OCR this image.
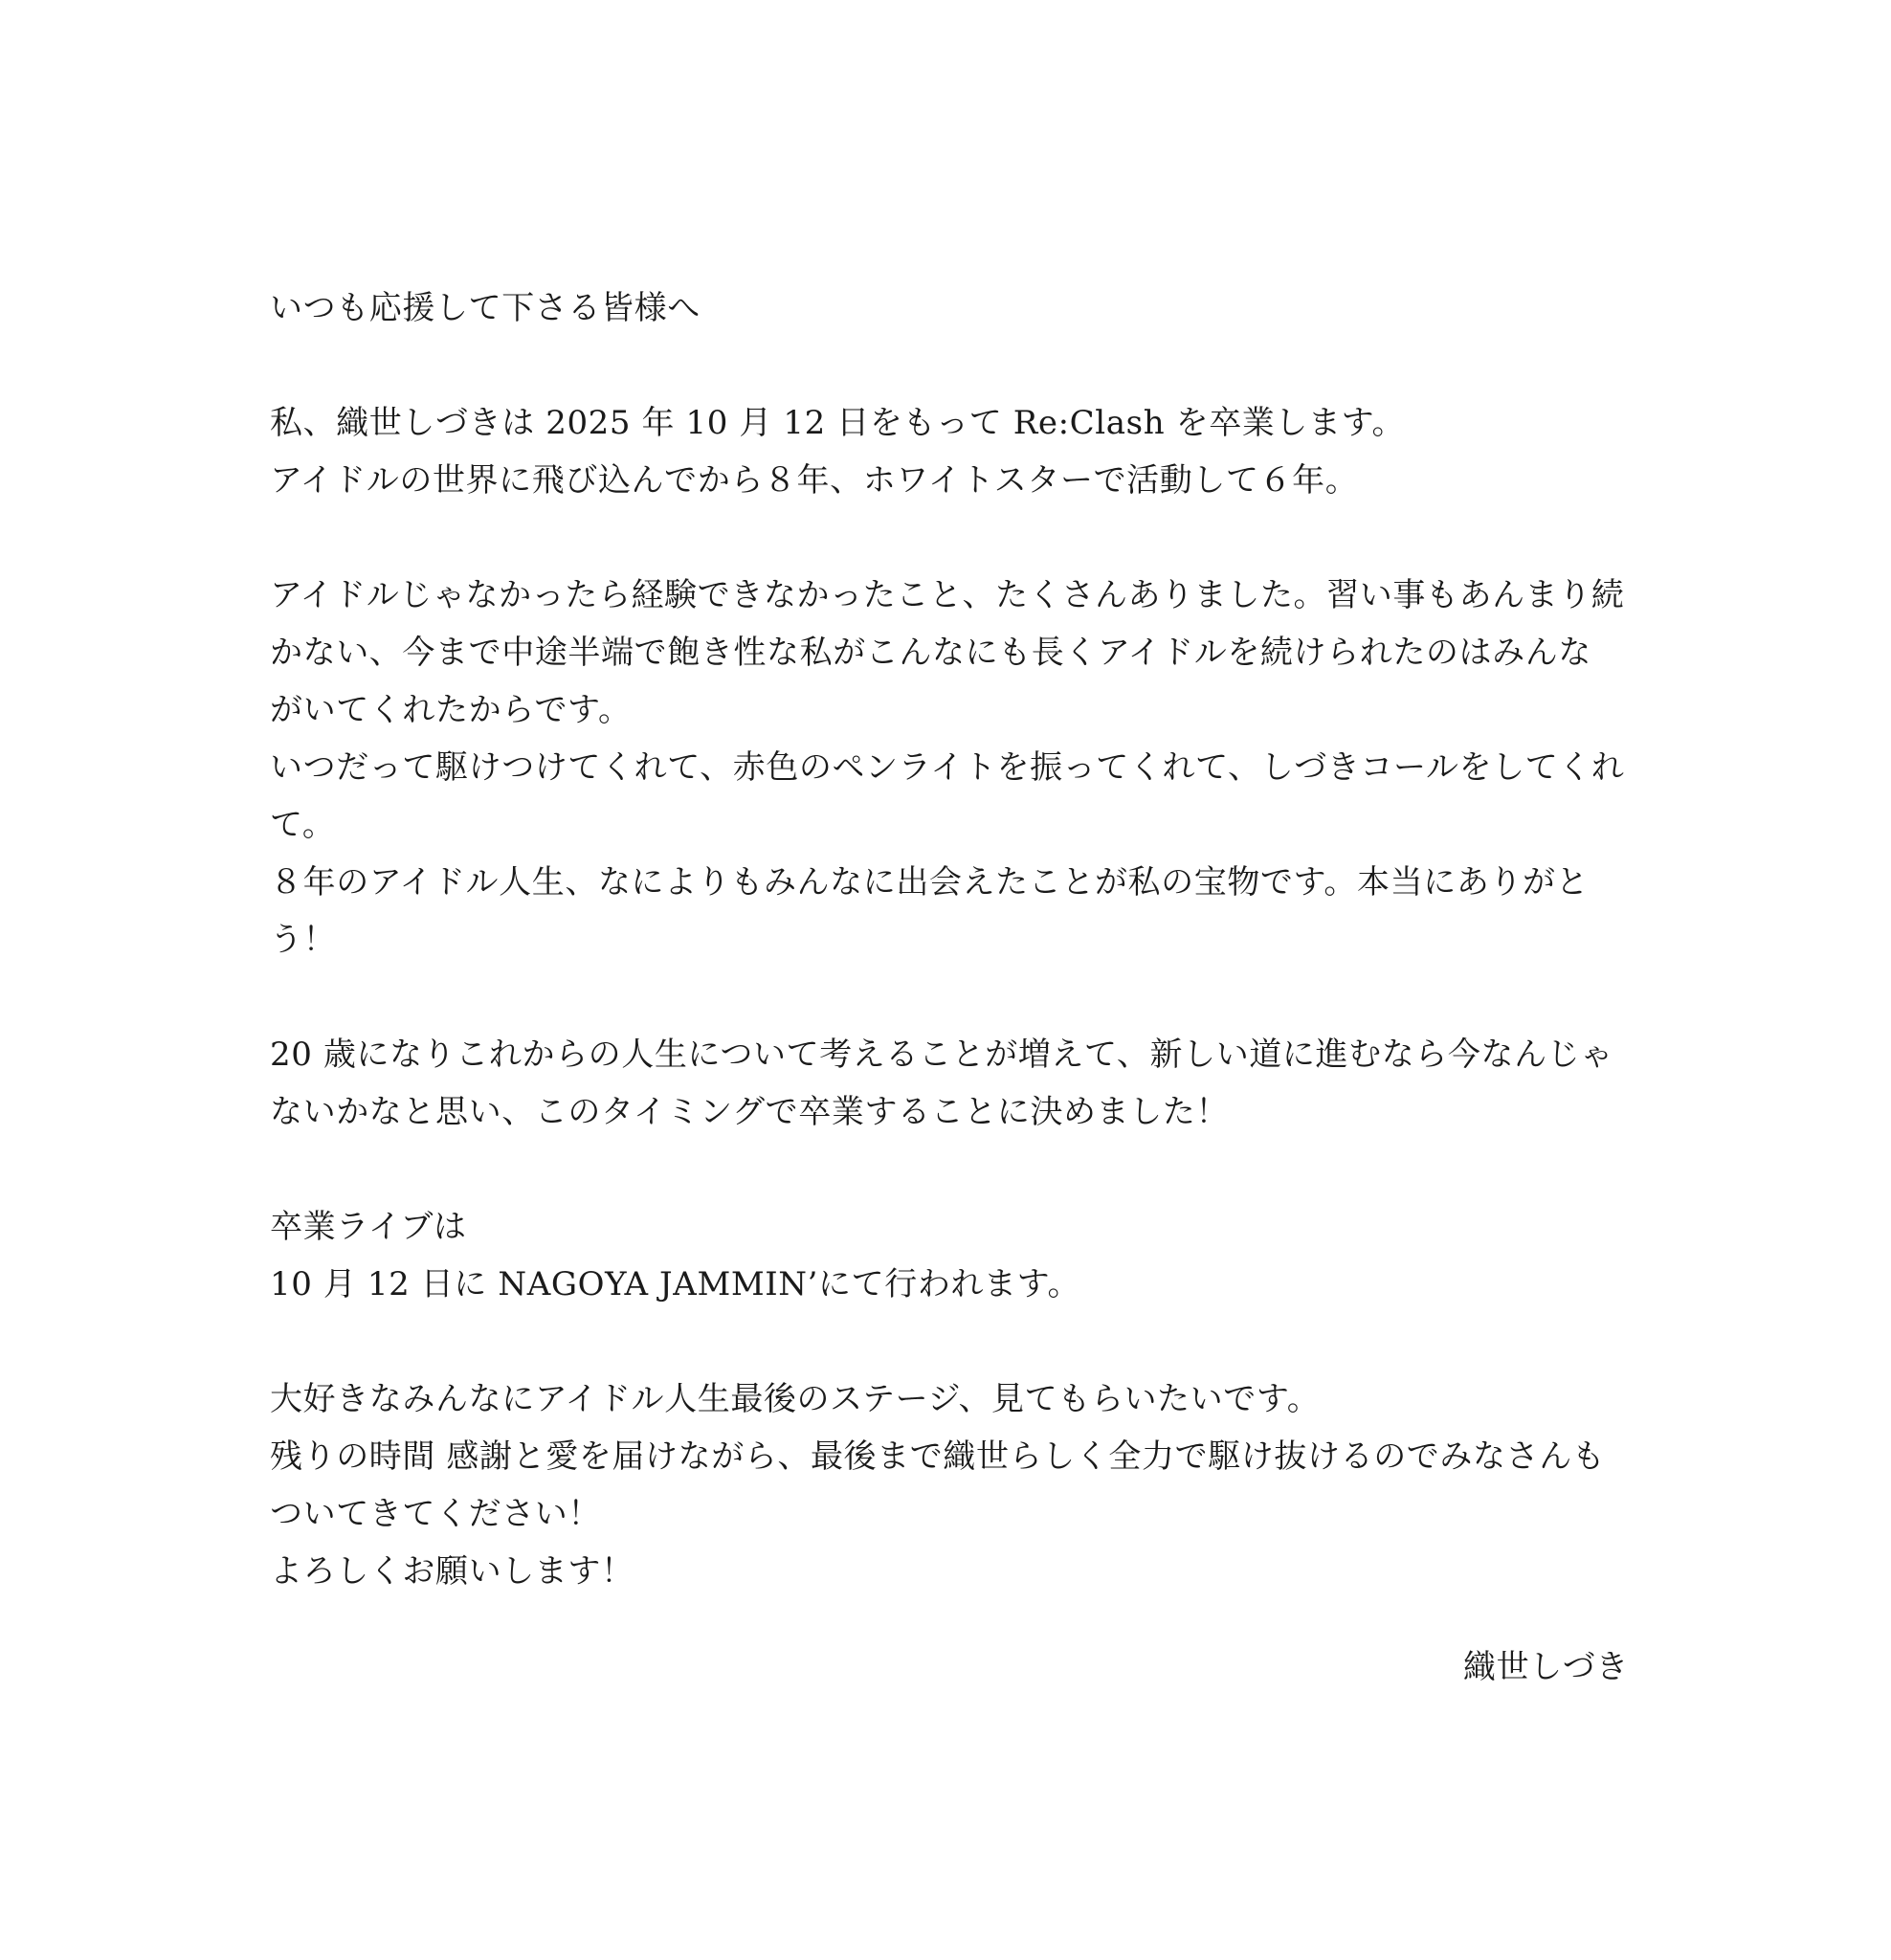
いつも応援して下さる皆様へ
私、織世しづきは 2025 年 10 月 12 日をもって Re:Clash を卒業します。
アイドルの世界に飛び込んでから８年、ホワイトスターで活動して６年。
アイドルじゃなかったら経験できなかったこと、たくさんありました。習い事もあんまり続
かない、今まで中途半端で飽き性な私がこんなにも長くアイドルを続けられたのはみんな
がいてくれたからです。
いつだって駆けつけてくれて、赤色のペンライトを振ってくれて、しづきコールをしてくれ
て。
８年のアイドル人生、なによりもみんなに出会えたことが私の宝物です。本当にありがと
う！
20 歳になりこれからの人生について考えることが増えて、新しい道に進むなら今なんじゃ
ないかなと思い、このタイミングで卒業することに決めました！
卒業ライブは
10 月 12 日に NAGOYA JAMMIN’にて行われます。
大好きなみんなにアイドル人生最後のステージ、見てもらいたいです。
残りの時間 感謝と愛を届けながら、最後まで織世らしく全力で駆け抜けるのでみなさんも
ついてきてください！
よろしくお願いします！
織世しづき
